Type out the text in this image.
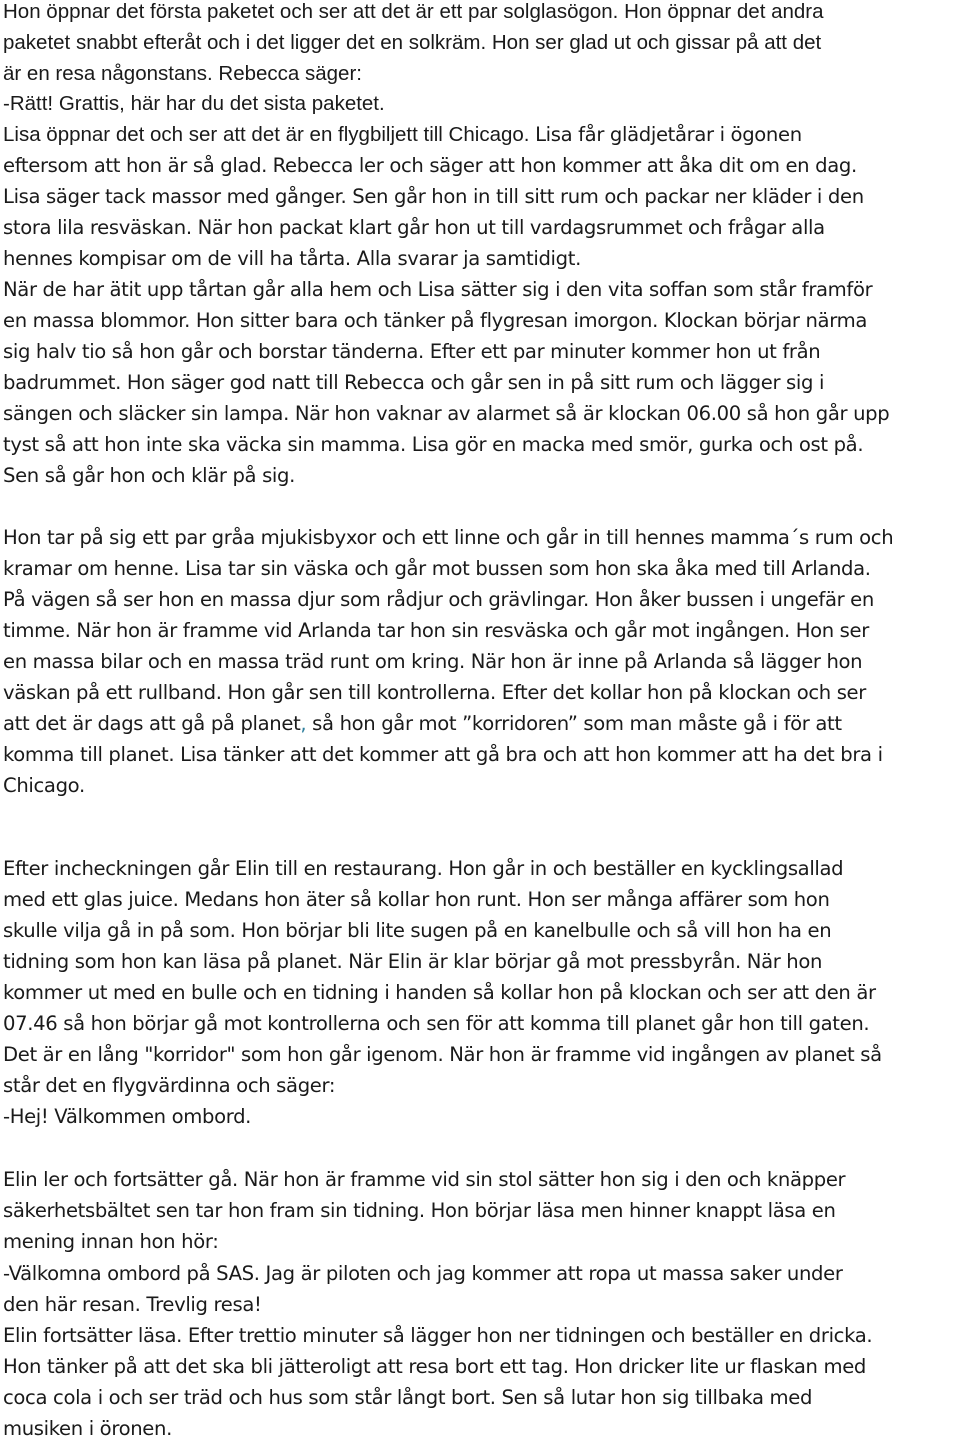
Hon öppnar det första paketet och ser att det är ett par solglasögon. Hon öppnar det andra
paketet snabbt efteråt och i det ligger det en solkräm. Hon ser glad ut och gissar på att det
är en resa någonstans. Rebecca säger:
-Rätt! Grattis, här har du det sista paketet.
Lisa öppnar det och ser att det är en flygbiljett till Chicago. Lisa får glädjetårar i ögonen
eftersom att hon är så glad. Rebecca ler och säger att hon kommer att åka dit om en dag.
Lisa säger tack massor med gånger. Sen går hon in till sitt rum och packar ner kläder i den
stora lila resväskan. När hon packat klart går hon ut till vardagsrummet och frågar alla
hennes kompisar om de vill ha tårta. Alla svarar ja samtidigt.
När de har ätit upp tårtan går alla hem och Lisa sätter sig i den vita soffan som står framför
en massa blommor. Hon sitter bara och tänker på flygresan imorgon. Klockan börjar närma
sig halv tio så hon går och borstar tänderna. Efter ett par minuter kommer hon ut från
badrummet. Hon säger god natt till Rebecca och går sen in på sitt rum och lägger sig i
sängen och släcker sin lampa. När hon vaknar av alarmet så är klockan 06.00 så hon går upp
tyst så att hon inte ska väcka sin mamma. Lisa gör en macka med smör, gurka och ost på.
Sen så går hon och klär på sig.
Hon tar på sig ett par gråa mjukisbyxor och ett linne och går in till hennes mamma´s rum och
kramar om henne. Lisa tar sin väska och går mot bussen som hon ska åka med till Arlanda.
På vägen så ser hon en massa djur som rådjur och grävlingar. Hon åker bussen i ungefär en
timme. När hon är framme vid Arlanda tar hon sin resväska och går mot ingången. Hon ser
en massa bilar och en massa träd runt om kring. När hon är inne på Arlanda så lägger hon
väskan på ett rullband. Hon går sen till kontrollerna. Efter det kollar hon på klockan och ser
att det är dags att gå på planet, så hon går mot ”korridoren” som man måste gå i för att
komma till planet. Lisa tänker att det kommer att gå bra och att hon kommer att ha det bra i
Chicago.
Efter incheckningen går Elin till en restaurang. Hon går in och beställer en kycklingsallad
med ett glas juice. Medans hon äter så kollar hon runt. Hon ser många affärer som hon
skulle vilja gå in på som. Hon börjar bli lite sugen på en kanelbulle och så vill hon ha en
tidning som hon kan läsa på planet. När Elin är klar börjar gå mot pressbyrån. När hon
kommer ut med en bulle och en tidning i handen så kollar hon på klockan och ser att den är
07.46 så hon börjar gå mot kontrollerna och sen för att komma till planet går hon till gaten.
Det är en lång "korridor" som hon går igenom. När hon är framme vid ingången av planet så
står det en flygvärdinna och säger:
-Hej! Välkommen ombord.
Elin ler och fortsätter gå. När hon är framme vid sin stol sätter hon sig i den och knäpper
säkerhetsbältet sen tar hon fram sin tidning. Hon börjar läsa men hinner knappt läsa en
mening innan hon hör:
-Välkomna ombord på SAS. Jag är piloten och jag kommer att ropa ut massa saker under
den här resan. Trevlig resa!
Elin fortsätter läsa. Efter trettio minuter så lägger hon ner tidningen och beställer en dricka.
Hon tänker på att det ska bli jätteroligt att resa bort ett tag. Hon dricker lite ur flaskan med
coca cola i och ser träd och hus som står långt bort. Sen så lutar hon sig tillbaka med
musiken i öronen.
